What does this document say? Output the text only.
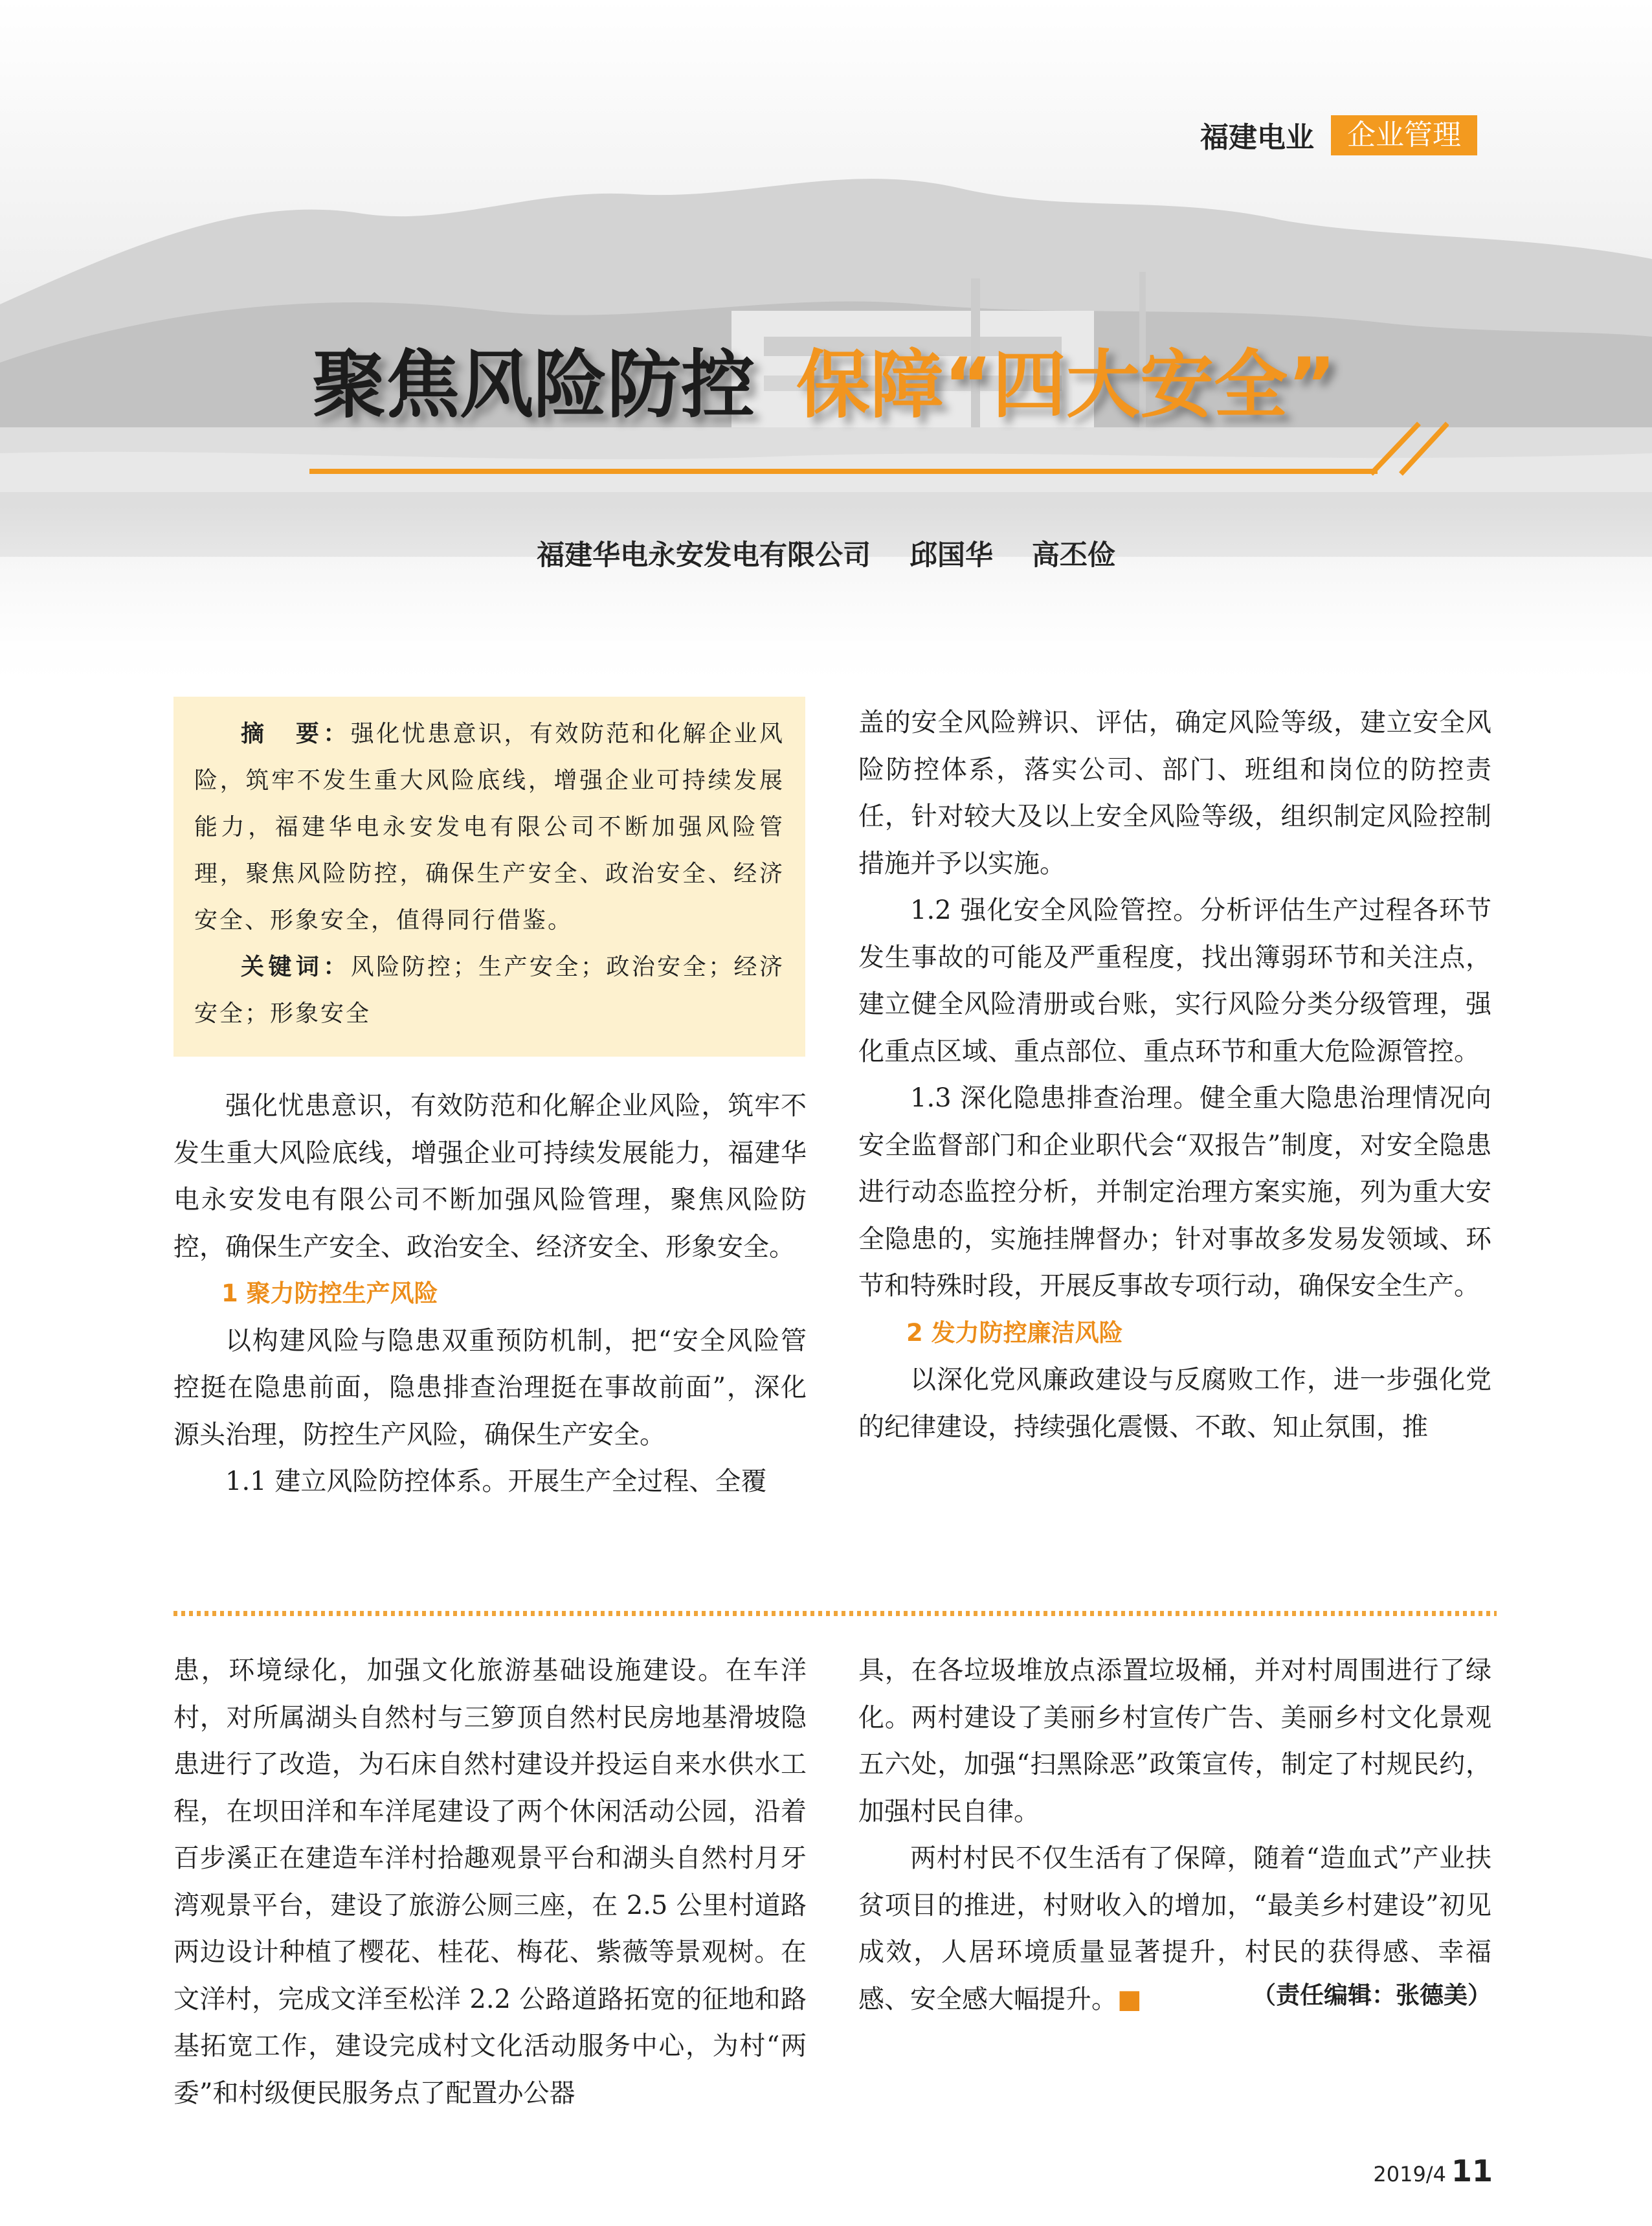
福建电业	企业管理
聚焦风险防控 保障“四大安全”
福建华电永安发电有限公司    邱国华    高丕俭

摘　要：强化忧患意识，有效防范和化解企业风险，筑牢不发生重大风险底线，增强企业可持续发展能力，福建华电永安发电有限公司不断加强风险管理，聚焦风险防控，确保生产安全、政治安全、经济安全、形象安全，值得同行借鉴。

关键词：风险防控；生产安全；政治安全；经济安全；形象安全

强化忧患意识，有效防范和化解企业风险，筑牢不发生重大风险底线，增强企业可持续发展能力，福建华电永安发电有限公司不断加强风险管理，聚焦风险防控，确保生产安全、政治安全、经济安全、形象安全。

1 聚力防控生产风险

以构建风险与隐患双重预防机制，把“安全风险管控挺在隐患前面，隐患排查治理挺在事故前面”，深化源头治理，防控生产风险，确保生产安全。

1.1 建立风险防控体系。开展生产全过程、全覆

盖的安全风险辨识、评估，确定风险等级，建立安全风险防控体系，落实公司、部门、班组和岗位的防控责任，针对较大及以上安全风险等级，组织制定风险控制措施并予以实施。

1.2 强化安全风险管控。分析评估生产过程各环节发生事故的可能及严重程度，找出簿弱环节和关注点，建立健全风险清册或台账，实行风险分类分级管理，强化重点区域、重点部位、重点环节和重大危险源管控。

1.3 深化隐患排查治理。健全重大隐患治理情况向安全监督部门和企业职代会“双报告”制度，对安全隐患进行动态监控分析，并制定治理方案实施，列为重大安全隐患的，实施挂牌督办；针对事故多发易发领域、环节和特殊时段，开展反事故专项行动，确保安全生产。

2 发力防控廉洁风险

以深化党风廉政建设与反腐败工作，进一步强化党的纪律建设，持续强化震慑、不敢、知止氛围，推

患，环境绿化，加强文化旅游基础设施建设。在车洋村，对所属湖头自然村与三箩顶自然村民房地基滑坡隐患进行了改造，为石床自然村建设并投运自来水供水工程，在坝田洋和车洋尾建设了两个休闲活动公园，沿着百步溪正在建造车洋村拾趣观景平台和湖头自然村月牙湾观景平台，建设了旅游公厕三座，在 2.5 公里村道路两边设计种植了樱花、桂花、梅花、紫薇等景观树。在文洋村，完成文洋至松洋 2.2 公路道路拓宽的征地和路基拓宽工作，建设完成村文化活动服务中心，为村“两委”和村级便民服务点了配置办公器

具，在各垃圾堆放点添置垃圾桶，并对村周围进行了绿化。两村建设了美丽乡村宣传广告、美丽乡村文化景观五六处，加强“扫黑除恶”政策宣传，制定了村规民约，加强村民自律。

两村村民不仅生活有了保障，随着“造血式”产业扶贫项目的推进，村财收入的增加，“最美乡村建设”初见成效，人居环境质量显著提升，村民的获得感、幸福感、安全感大幅提升。■	（责任编辑：张德美）
2019/4 11
